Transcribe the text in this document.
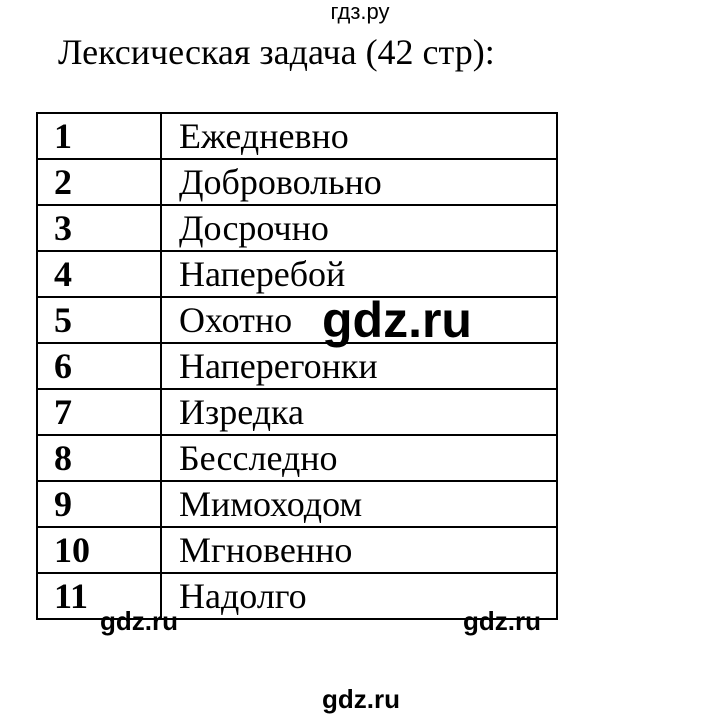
гдз.ру
Лексическая задача (42 стр):
1	Ежедневно
2	Добровольно
3	Досрочно
4	Наперебой
5	Охотно
6	Наперегонки
7	Изредка
8	Бесследно
9	Мимоходом
10	Мгновенно
11	Надолго
gdz.ru
gdz.ru	gdz.ru
gdz.ru
